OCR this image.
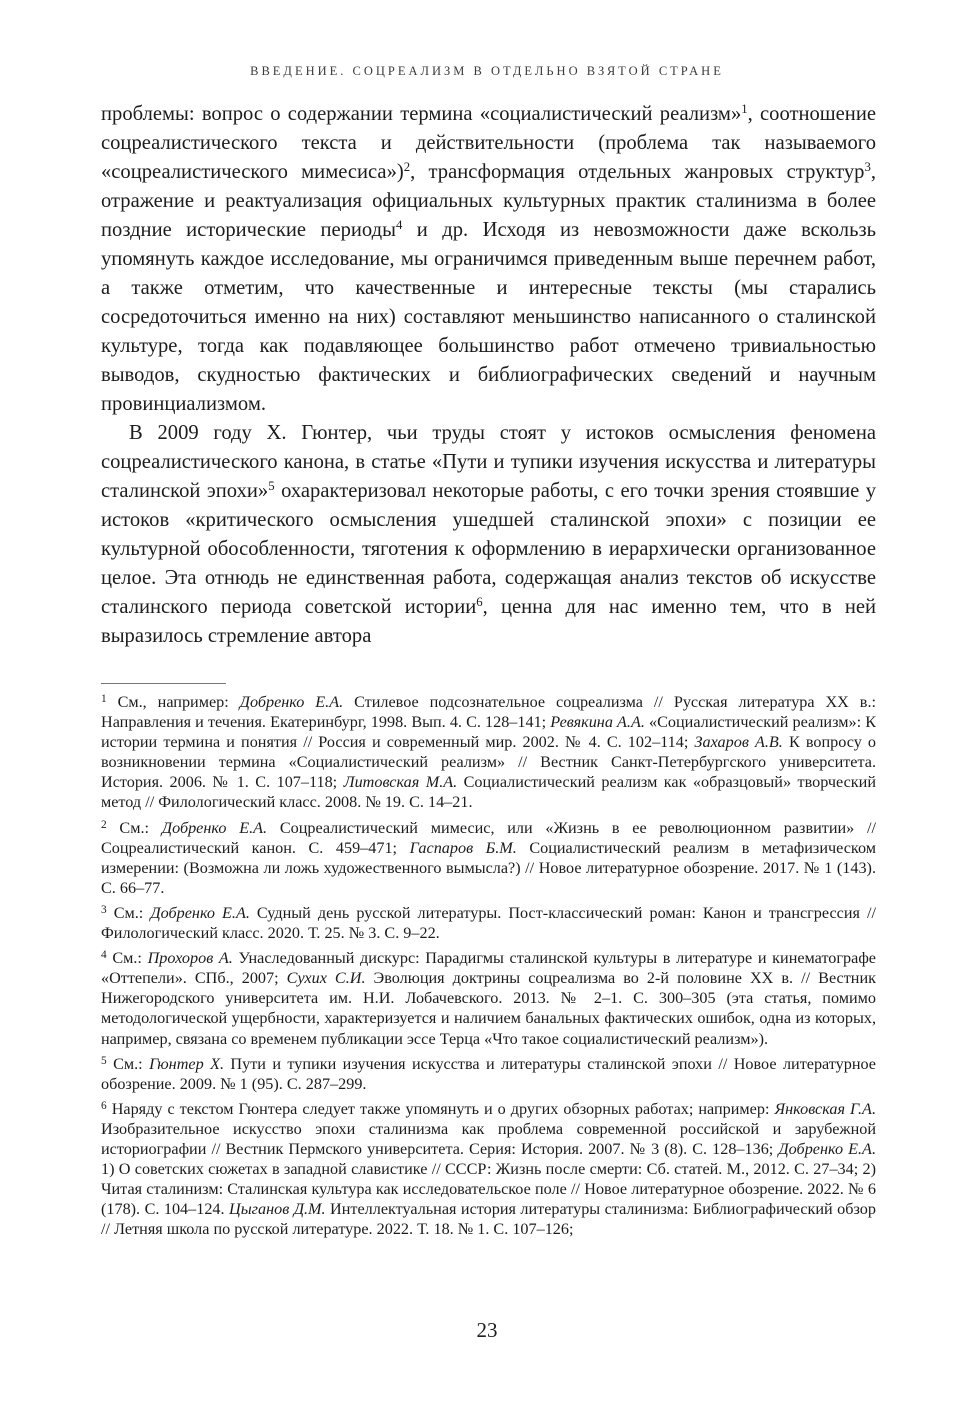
ВВЕДЕНИЕ. СОЦРЕАЛИЗМ В ОТДЕЛЬНО ВЗЯТОЙ СТРАНЕ

проблемы: вопрос о содержании термина «социалистический реализм»$^1$, соотношение соцреалистического текста и действительности (проблема так называемого «соцреалистического мимесиса»)$^2$, трансформация отдельных жанровых структур$^3$, отражение и реактуализация официальных культурных практик сталинизма в более поздние исторические периоды$^4$ и др. Исходя из невозможности даже вскользь упомянуть каждое исследование, мы ограничимся приведенным выше перечнем работ, а также отметим, что качественные и интересные тексты (мы старались сосредоточиться именно на них) составляют меньшинство написанного о сталинской культуре, тогда как подавляющее большинство работ отмечено тривиальностью выводов, скудностью фактических и библиографических сведений и научным провинциализмом.

В 2009 году Х. Гюнтер, чьи труды стоят у истоков осмысления феномена соцреалистического канона, в статье «Пути и тупики изучения искусства и литературы сталинской эпохи»$^5$ охарактеризовал некоторые работы, с его точки зрения стоявшие у истоков «критического осмысления ушедшей сталинской эпохи» с позиции ее культурной обособленности, тяготения к оформлению в иерархически организованное целое. Эта отнюдь не единственная работа, содержащая анализ текстов об искусстве сталинского периода советской истории$^6$, ценна для нас именно тем, что в ней выразилось стремление автора

$^1$ См., например: Добренко Е.А. Стилевое подсознательное соцреализма // Русская литература XX в.: Направления и течения. Екатеринбург, 1998. Вып. 4. С. 128–141; Ревякина А.А. «Социалистический реализм»: К истории термина и понятия // Россия и современный мир. 2002. № 4. С. 102–114; Захаров А.В. К вопросу о возникновении термина «Социалистический реализм» // Вестник Санкт-Петербургского университета. История. 2006. № 1. С. 107–118; Литовская М.А. Социалистический реализм как «образцовый» творческий метод // Филологический класс. 2008. № 19. С. 14–21.
$^2$ См.: Добренко Е.А. Соцреалистический мимесис, или «Жизнь в ее революционном развитии» // Соцреалистический канон. С. 459–471; Гаспаров Б.М. Социалистический реализм в метафизическом измерении: (Возможна ли ложь художественного вымысла?) // Новое литературное обозрение. 2017. № 1 (143). С. 66–77.
$^3$ См.: Добренко Е.А. Судный день русской литературы. Пост-классический роман: Канон и трансгрессия // Филологический класс. 2020. Т. 25. № 3. С. 9–22.
$^4$ См.: Прохоров А. Унаследованный дискурс: Парадигмы сталинской культуры в литературе и кинематографе «Оттепели». СПб., 2007; Сухих С.И. Эволюция доктрины соцреализма во 2-й половине XX в. // Вестник Нижегородского университета им. Н.И. Лобачевского. 2013. № 2–1. С. 300–305 (эта статья, помимо методологической ущербности, характеризуется и наличием банальных фактических ошибок, одна из которых, например, связана со временем публикации эссе Терца «Что такое социалистический реализм»).
$^5$ См.: Гюнтер Х. Пути и тупики изучения искусства и литературы сталинской эпохи // Новое литературное обозрение. 2009. № 1 (95). С. 287–299.
$^6$ Наряду с текстом Гюнтера следует также упомянуть и о других обзорных работах; например: Янковская Г.А. Изобразительное искусство эпохи сталинизма как проблема современной российской и зарубежной историографии // Вестник Пермского университета. Серия: История. 2007. № 3 (8). С. 128–136; Добренко Е.А. 1) О советских сюжетах в западной славистике // СССР: Жизнь после смерти: Сб. статей. М., 2012. С. 27–34; 2) Читая сталинизм: Сталинская культура как исследовательское поле // Новое литературное обозрение. 2022. № 6 (178). С. 104–124. Цыганов Д.М. Интеллектуальная история литературы сталинизма: Библиографический обзор // Летняя школа по русской литературе. 2022. Т. 18. № 1. С. 107–126;
23
